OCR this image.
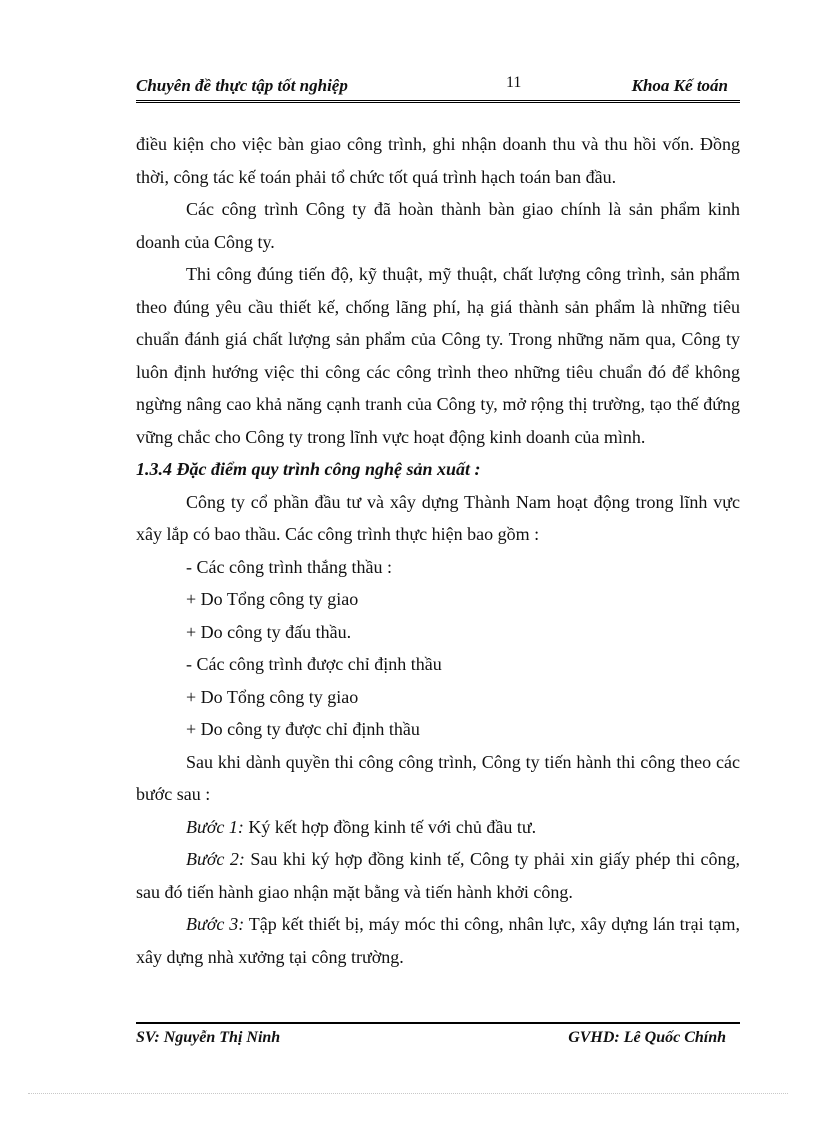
Chuyên đề thực tập tốt nghiệp	11	Khoa Kế toán

điều kiện cho việc bàn giao công trình, ghi nhận doanh thu và thu hồi vốn. Đồng thời, công tác kế toán phải tổ chức tốt quá trình hạch toán ban đầu.

Các công trình Công ty đã hoàn thành bàn giao chính là sản phẩm kinh doanh của Công ty.

Thi công đúng tiến độ, kỹ thuật, mỹ thuật, chất lượng công trình, sản phẩm theo đúng yêu cầu thiết kế, chống lãng phí, hạ giá thành sản phẩm là những tiêu chuẩn đánh giá chất lượng sản phẩm của Công ty. Trong những năm qua, Công ty luôn định hướng việc thi công các công trình theo những tiêu chuẩn đó để không ngừng nâng cao khả năng cạnh tranh của Công ty, mở rộng thị trường, tạo thế đứng vững chắc cho Công ty trong lĩnh vực hoạt động kinh doanh của mình.

1.3.4 Đặc điểm quy trình công nghệ sản xuất :

Công ty cổ phần đầu tư và xây dựng Thành Nam hoạt động trong lĩnh vực xây lắp có bao thầu. Các công trình thực hiện bao gồm :

- Các công trình thắng thầu :

+ Do Tổng công ty giao

+ Do công ty đấu thầu.

- Các công trình được chỉ định thầu

+ Do Tổng công ty giao

+ Do công ty được chỉ định thầu

Sau khi dành quyền thi công công trình, Công ty tiến hành thi công theo các bước sau :

Bước 1: Ký kết hợp đồng kinh tế với chủ đầu tư.

Bước 2: Sau khi ký hợp đồng kinh tế, Công ty phải xin giấy phép thi công, sau đó tiến hành giao nhận mặt bằng và tiến hành khởi công.

Bước 3: Tập kết thiết bị, máy móc thi công, nhân lực, xây dựng lán trại tạm, xây dựng nhà xưởng tại công trường.

SV: Nguyễn Thị Ninh	GVHD: Lê Quốc Chính
